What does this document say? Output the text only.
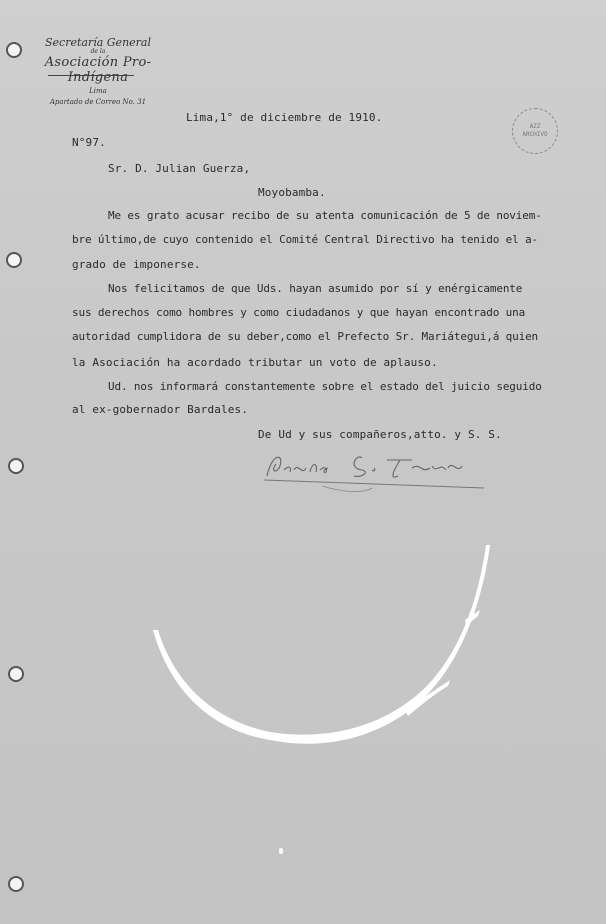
Secretaría General
de la
Asociación Pro-Indígena
Lima
Apartado de Correo No. 31
AZZ
ARCHIVO
Lima,1° de diciembre de 1910.
N°97.
Sr. D. Julian Guerza,
Moyobamba.
Me es grato acusar recibo de su atenta comunicación de 5 de noviem-
bre último,de cuyo contenido el Comité Central Directivo ha tenido el a-
grado de imponerse.
Nos felicitamos de que Uds. hayan asumido por sí y enérgicamente
sus derechos como hombres y como ciudadanos y que hayan encontrado una
autoridad cumplidora de su deber,como el Prefecto Sr. Mariátegui,á quien
la Asociación ha acordado tributar un voto de aplauso.
Ud. nos informará constantemente sobre el estado del juicio seguido
al ex-gobernador Bardales.
De Ud y sus compañeros,atto. y S. S.
